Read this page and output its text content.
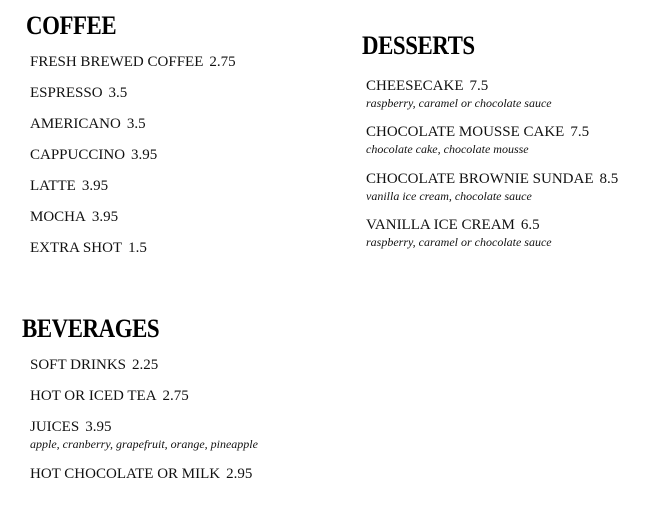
COFFEE
FRESH BREWED COFFEE 2.75
ESPRESSO 3.5
AMERICANO 3.5
CAPPUCCINO 3.95
LATTE 3.95
MOCHA 3.95
EXTRA SHOT 1.5
DESSERTS
CHEESECAKE 7.5
raspberry, caramel or chocolate sauce
CHOCOLATE MOUSSE CAKE 7.5
chocolate cake, chocolate mousse
CHOCOLATE BROWNIE SUNDAE 8.5
vanilla ice cream, chocolate sauce
VANILLA ICE CREAM 6.5
raspberry, caramel or chocolate sauce
BEVERAGES
SOFT DRINKS 2.25
HOT OR ICED TEA 2.75
JUICES 3.95
apple, cranberry, grapefruit, orange, pineapple
HOT CHOCOLATE OR MILK 2.95
